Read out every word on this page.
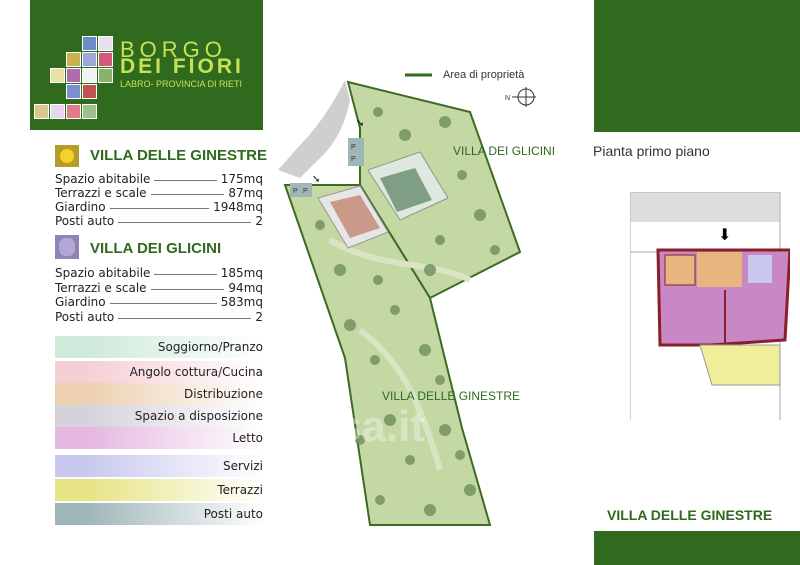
BORGO
DEI FIORI
LABRO- PROVINCIA DI RIETI
VILLA DELLE GINESTRE
Spazio abitabile	175mq
Terrazzi e scale	87mq
Giardino	1948mq
Posti auto	2
VILLA DEI GLICINI
Spazio abitabile	185mq
Terrazzi e scale	94mq
Giardino	583mq
Posti auto	2
Soggiorno/Pranzo
Angolo cottura/Cucina
Distribuzione
Spazio a disposizione
Letto
Servizi
Terrazzi
Posti auto
P P
P
P
➘
➘
N
Area di proprietà
VILLA DEI GLICINI
VILLA DELLE GINESTRE
casa.it
Pianta primo piano
⬇
VILLA DELLE GINESTRE
